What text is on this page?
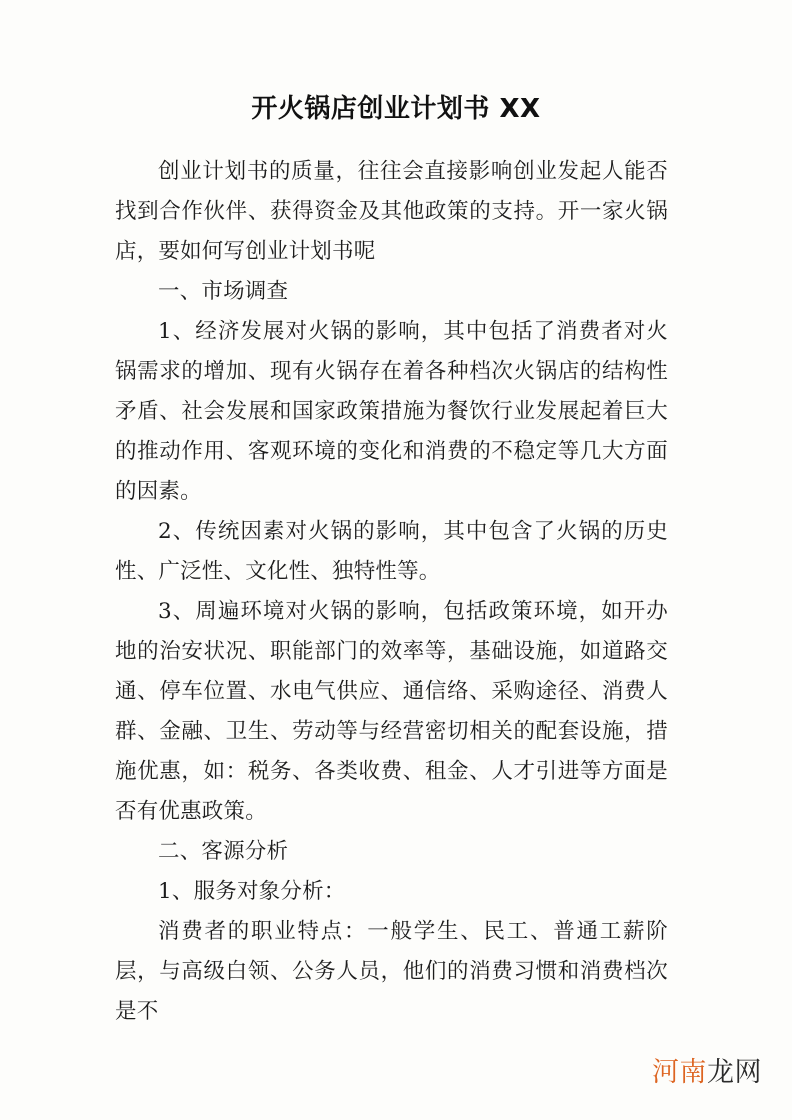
开火锅店创业计划书 XX

创业计划书的质量，往往会直接影响创业发起人能否找到合作伙伴、获得资金及其他政策的支持。开一家火锅店，要如何写创业计划书呢

一、市场调查

1、经济发展对火锅的影响，其中包括了消费者对火锅需求的增加、现有火锅存在着各种档次火锅店的结构性矛盾、社会发展和国家政策措施为餐饮行业发展起着巨大的推动作用、客观环境的变化和消费的不稳定等几大方面的因素。

2、传统因素对火锅的影响，其中包含了火锅的历史性、广泛性、文化性、独特性等。

3、周遍环境对火锅的影响，包括政策环境，如开办地的治安状况、职能部门的效率等，基础设施，如道路交通、停车位置、水电气供应、通信络、采购途径、消费人群、金融、卫生、劳动等与经营密切相关的配套设施，措施优惠，如：税务、各类收费、租金、人才引进等方面是否有优惠政策。

二、客源分析

1、服务对象分析：

消费者的职业特点：一般学生、民工、普通工薪阶层，与高级白领、公务人员，他们的消费习惯和消费档次是不

河南龙网
